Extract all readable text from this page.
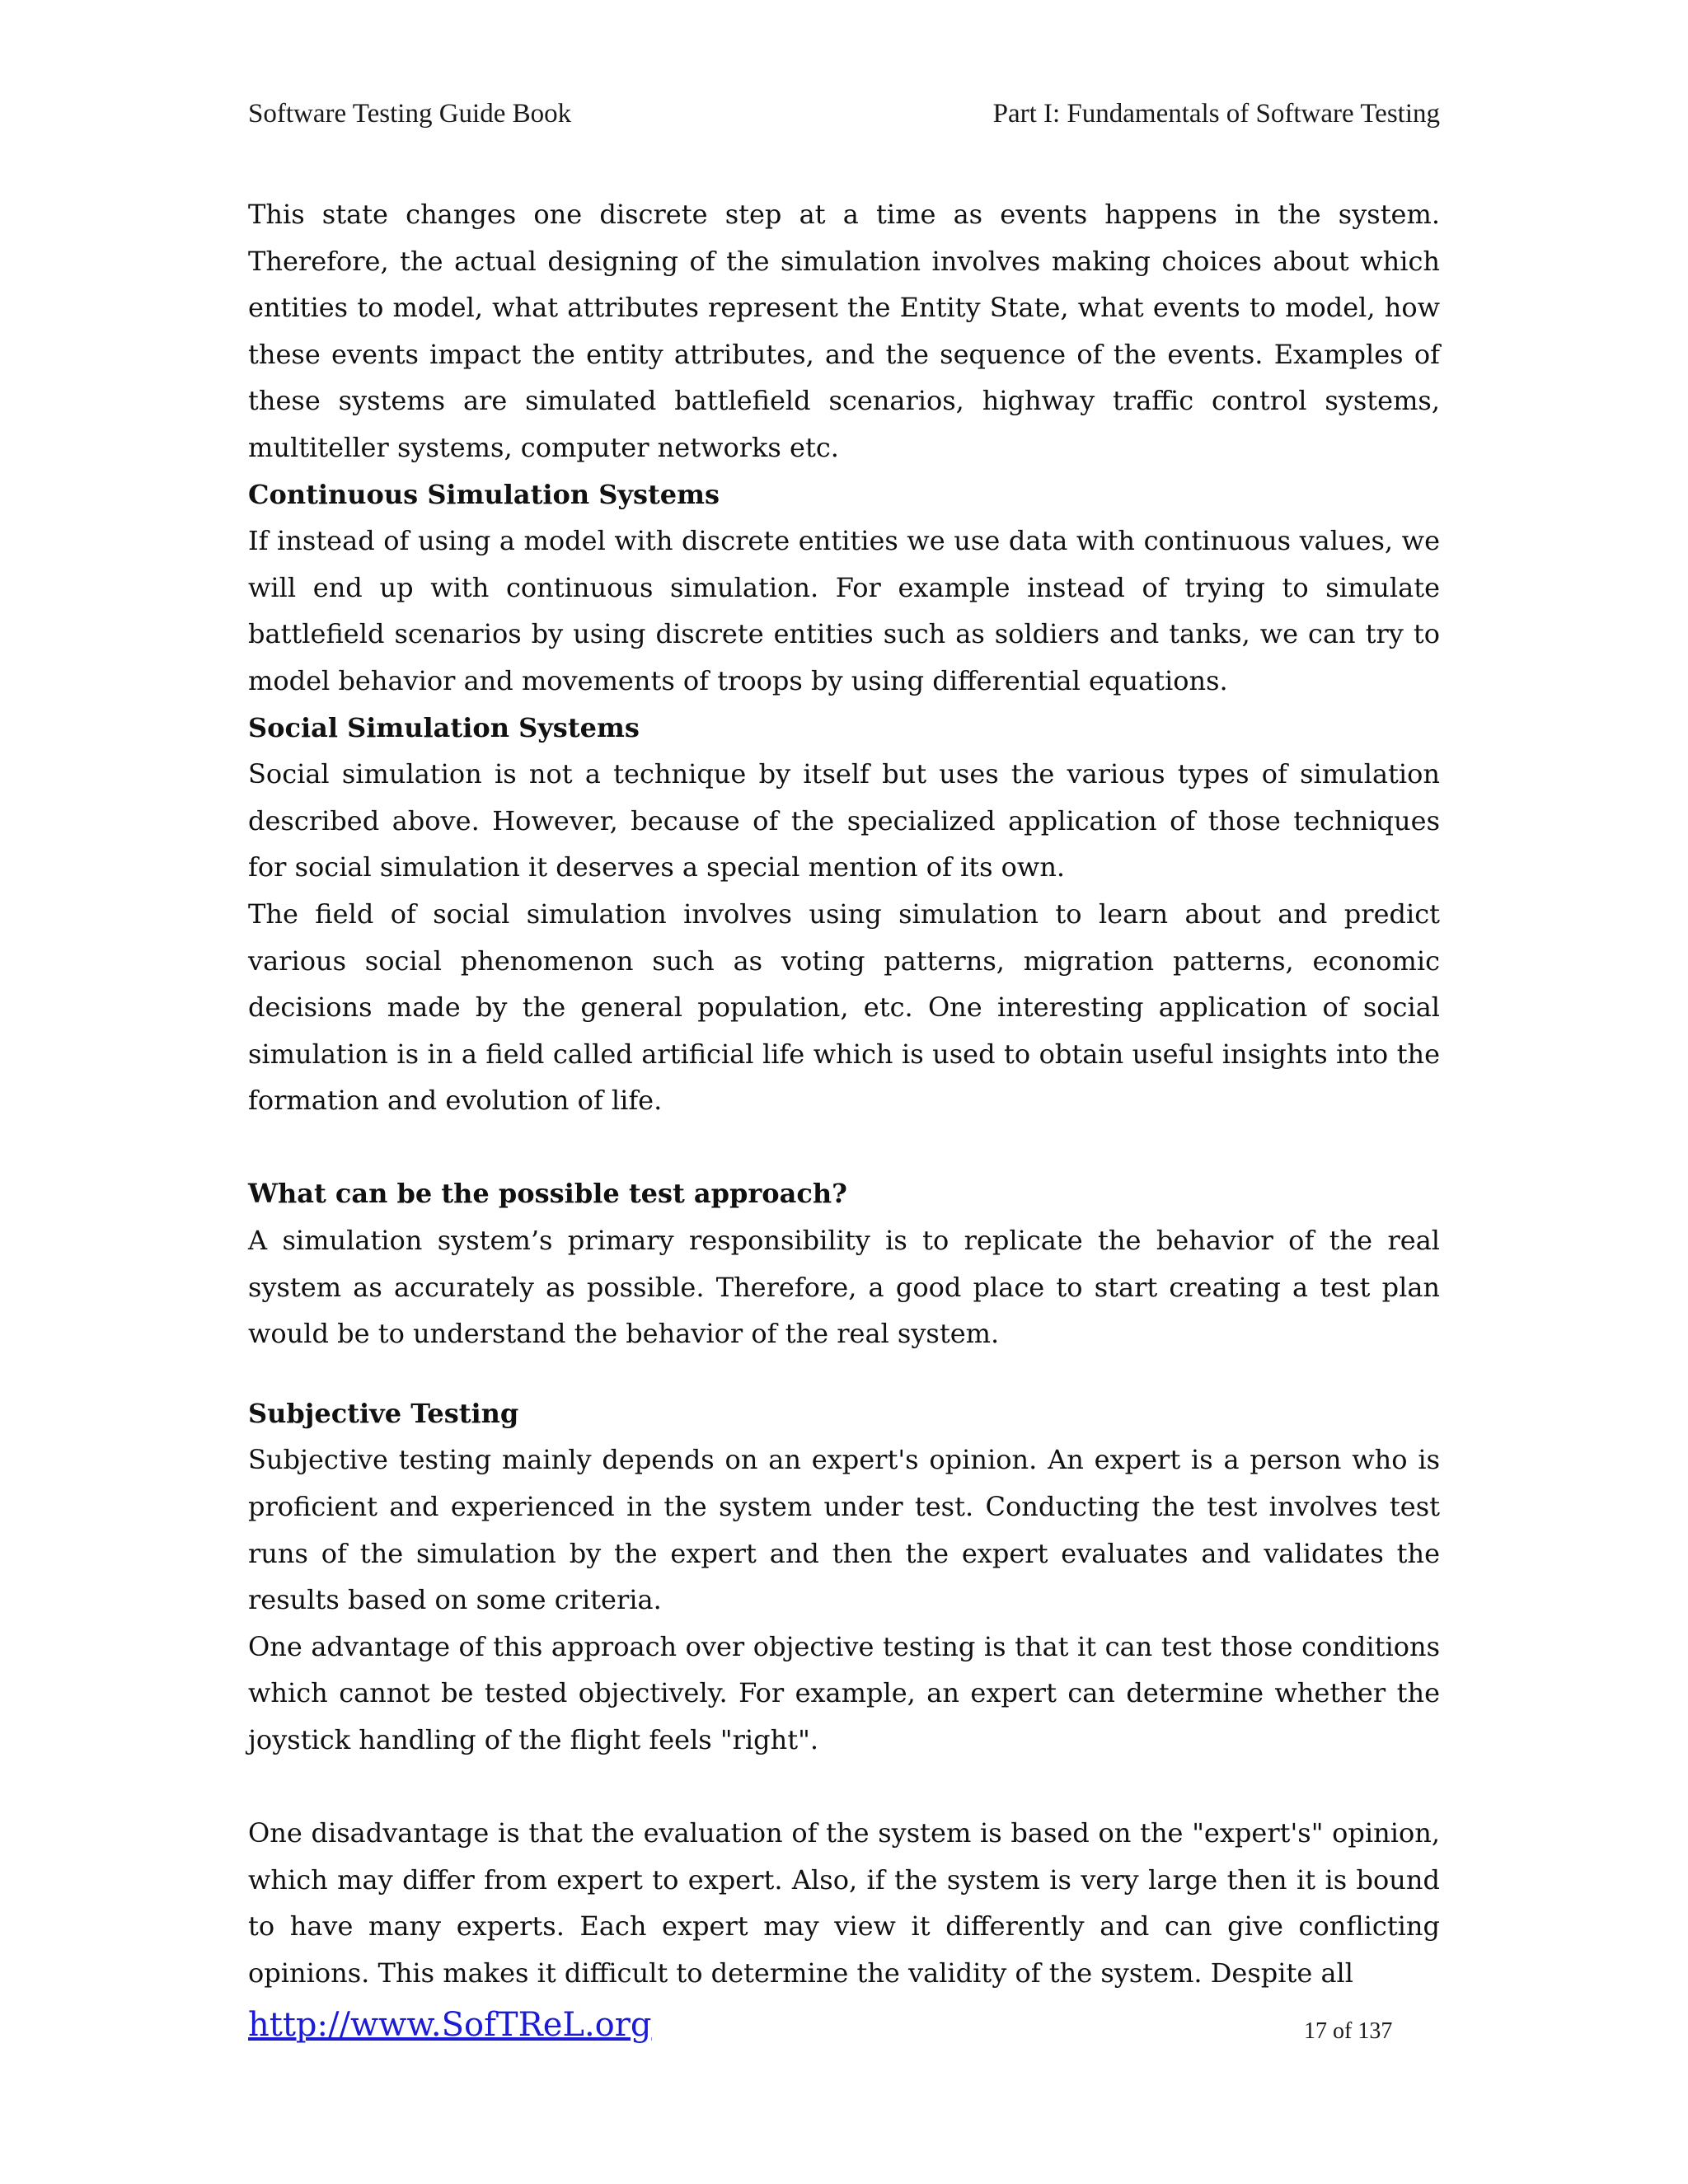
Software Testing Guide Book	Part I: Fundamentals of Software Testing

This state changes one discrete step at a time as events happens in the system. Therefore, the actual designing of the simulation involves making choices about which entities to model, what attributes represent the Entity State, what events to model, how these events impact the entity attributes, and the sequence of the events. Examples of these systems are simulated battlefield scenarios, highway traffic control systems, multiteller systems, computer networks etc.

Continuous Simulation Systems

If instead of using a model with discrete entities we use data with continuous values, we will end up with continuous simulation. For example instead of trying to simulate battlefield scenarios by using discrete entities such as soldiers and tanks, we can try to model behavior and movements of troops by using differential equations.

Social Simulation Systems

Social simulation is not a technique by itself but uses the various types of simulation described above. However, because of the specialized application of those techniques for social simulation it deserves a special mention of its own.

The field of social simulation involves using simulation to learn about and predict various social phenomenon such as voting patterns, migration patterns, economic decisions made by the general population, etc. One interesting application of social simulation is in a field called artificial life which is used to obtain useful insights into the formation and evolution of life.

What can be the possible test approach?

A simulation system’s primary responsibility is to replicate the behavior of the real system as accurately as possible. Therefore, a good place to start creating a test plan would be to understand the behavior of the real system.

Subjective Testing

Subjective testing mainly depends on an expert's opinion. An expert is a person who is proficient and experienced in the system under test. Conducting the test involves test runs of the simulation by the expert and then the expert evaluates and validates the results based on some criteria.

One advantage of this approach over objective testing is that it can test those conditions which cannot be tested objectively. For example, an expert can determine whether the joystick handling of the flight feels "right".

One disadvantage is that the evaluation of the system is based on the "expert's" opinion, which may differ from expert to expert. Also, if the system is very large then it is bound to have many experts. Each expert may view it differently and can give conflicting opinions. This makes it difficult to determine the validity of the system. Despite all

http://www.SofTReL.org	17 of 137
